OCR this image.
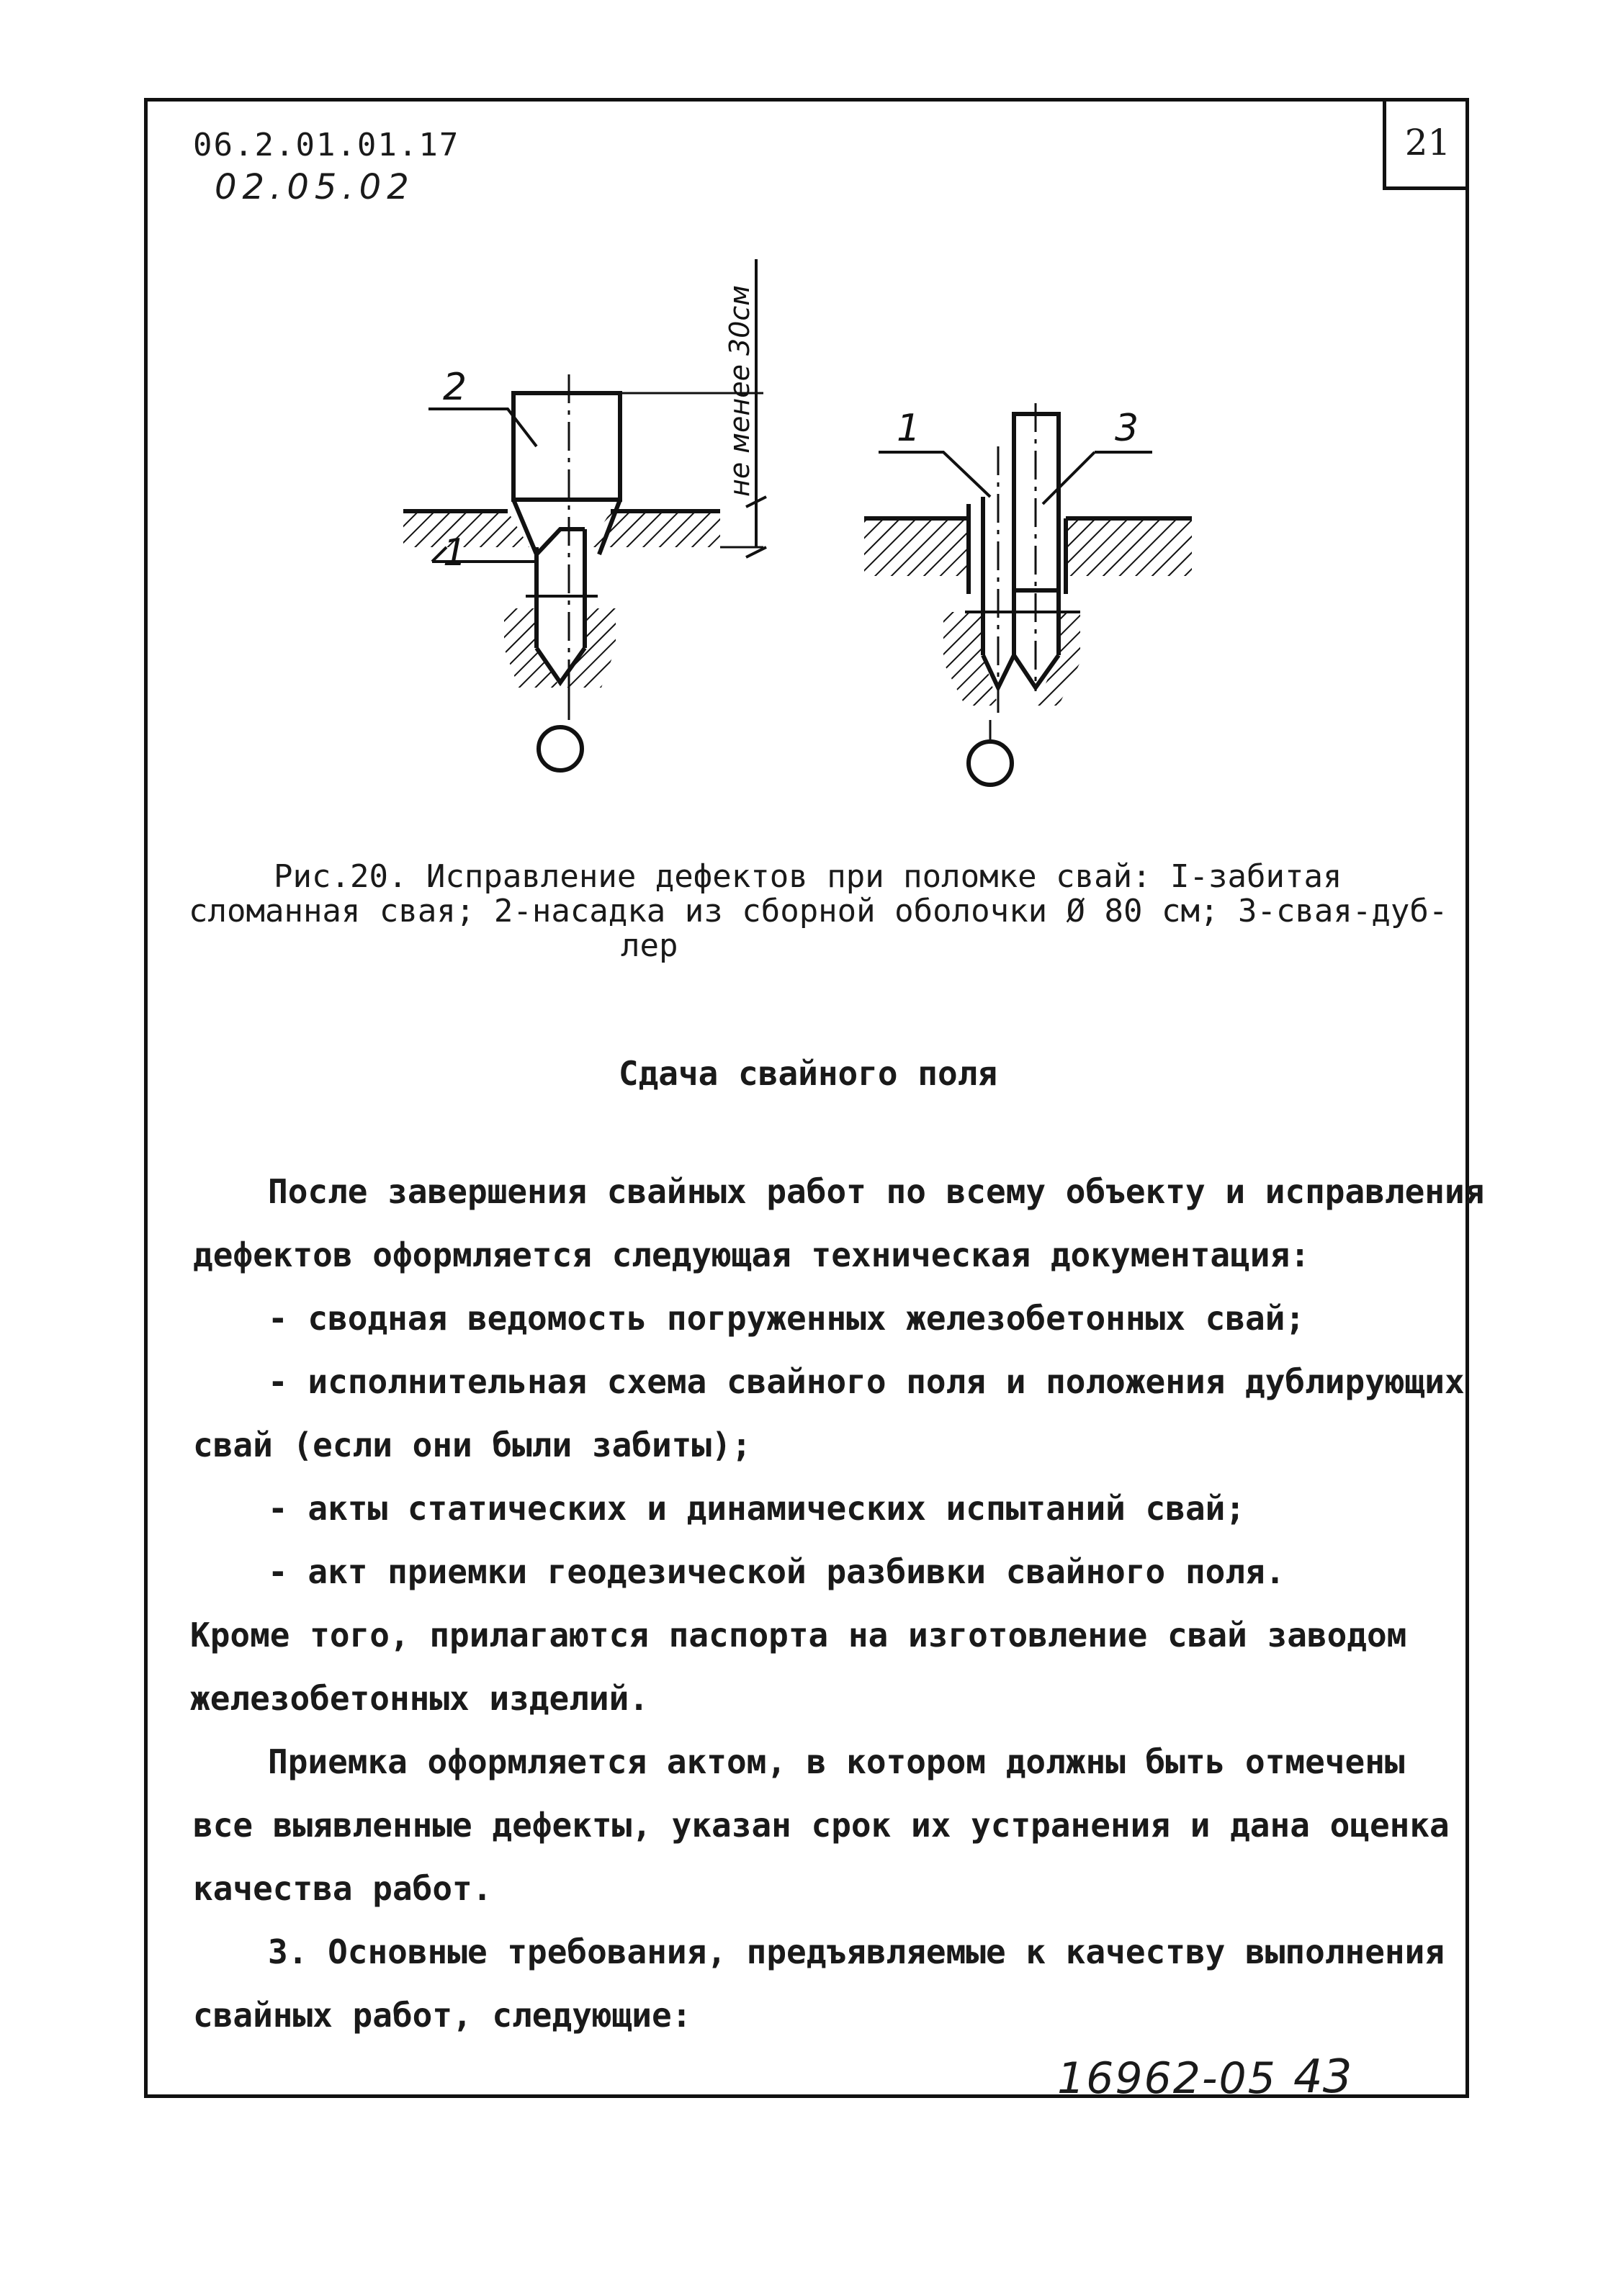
21
06.2.01.01.17
02.05.02
2
1
не менее 30см	1	3
Рис.20. Исправление дефектов при поломке свай: I-забитая
сломанная свая; 2-насадка из сборной оболочки Ø 80 см; 3-свая-дуб-
лер
Сдача свайного поля
После завершения свайных работ по всему объекту и исправления
дефектов оформляется следующая техническая документация:
- сводная ведомость погруженных железобетонных свай;
- исполнительная схема свайного поля и положения дублирующих
свай (если они были забиты);
- акты статических и динамических испытаний свай;
- акт приемки геодезической разбивки свайного поля.
Кроме того, прилагаются паспорта на изготовление свай заводом
железобетонных изделий.
Приемка оформляется актом, в котором должны быть отмечены
все выявленные дефекты, указан срок их устранения и дана оценка
качества работ.
3. Основные требования, предъявляемые к качеству выполнения
свайных работ, следующие:
16962-05 43
